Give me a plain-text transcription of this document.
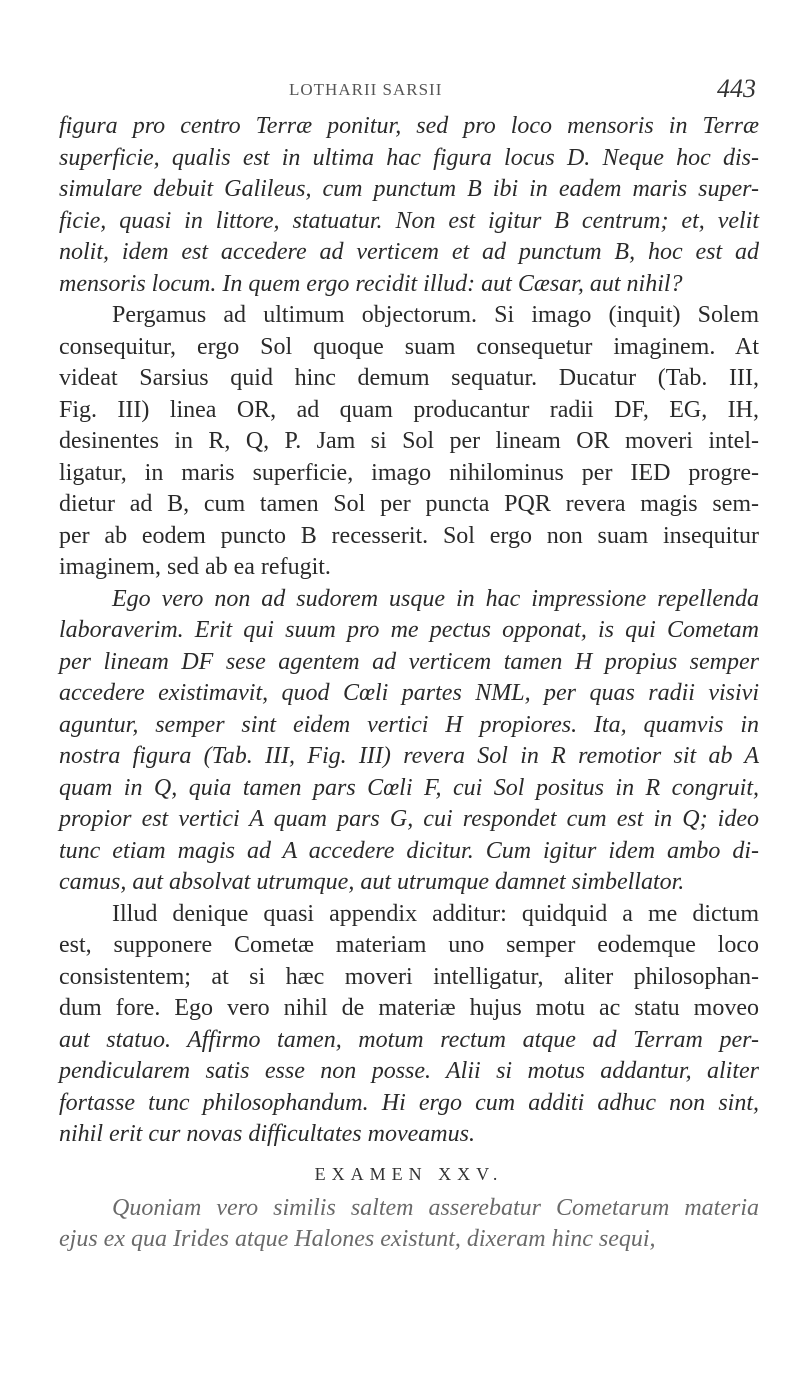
LOTHARII SARSII	443
figura pro centro Terræ ponitur, sed pro loco mensoris in Terræ
superficie, qualis est in ultima hac figura locus D. Neque hoc dis-
simulare debuit Galileus, cum punctum B ibi in eadem maris super-
ficie, quasi in littore, statuatur. Non est igitur B centrum; et, velit
nolit, idem est accedere ad verticem et ad punctum B, hoc est ad
mensoris locum. In quem ergo recidit illud: aut Cæsar, aut nihil?
Pergamus ad ultimum objectorum. Si imago (inquit) Solem
consequitur, ergo Sol quoque suam consequetur imaginem. At
videat Sarsius quid hinc demum sequatur. Ducatur (Tab. III,
Fig. III) linea OR, ad quam producantur radii DF, EG, IH,
desinentes in R, Q, P. Jam si Sol per lineam OR moveri intel-
ligatur, in maris superficie, imago nihilominus per IED progre-
dietur ad B, cum tamen Sol per puncta PQR revera magis sem-
per ab eodem puncto B recesserit. Sol ergo non suam insequitur
imaginem, sed ab ea refugit.
Ego vero non ad sudorem usque in hac impressione repellenda
laboraverim. Erit qui suum pro me pectus opponat, is qui Cometam
per lineam DF sese agentem ad verticem tamen H propius semper
accedere existimavit, quod Cœli partes NML, per quas radii visivi
aguntur, semper sint eidem vertici H propiores. Ita, quamvis in
nostra figura (Tab. III, Fig. III) revera Sol in R remotior sit ab A
quam in Q, quia tamen pars Cœli F, cui Sol positus in R congruit,
propior est vertici A quam pars G, cui respondet cum est in Q; ideo
tunc etiam magis ad A accedere dicitur. Cum igitur idem ambo di-
camus, aut absolvat utrumque, aut utrumque damnet simbellator.
Illud denique quasi appendix additur: quidquid a me dictum
est, supponere Cometæ materiam uno semper eodemque loco
consistentem; at si hæc moveri intelligatur, aliter philosophan-
dum fore. Ego vero nihil de materiæ hujus motu ac statu moveo
aut statuo. Affirmo tamen, motum rectum atque ad Terram per-
pendicularem satis esse non posse. Alii si motus addantur, aliter
fortasse tunc philosophandum. Hi ergo cum additi adhuc non sint,
nihil erit cur novas difficultates moveamus.
EXAMEN XXV.
Quoniam vero similis saltem asserebatur Cometarum materia
ejus ex qua Irides atque Halones existunt, dixeram hinc sequi,
